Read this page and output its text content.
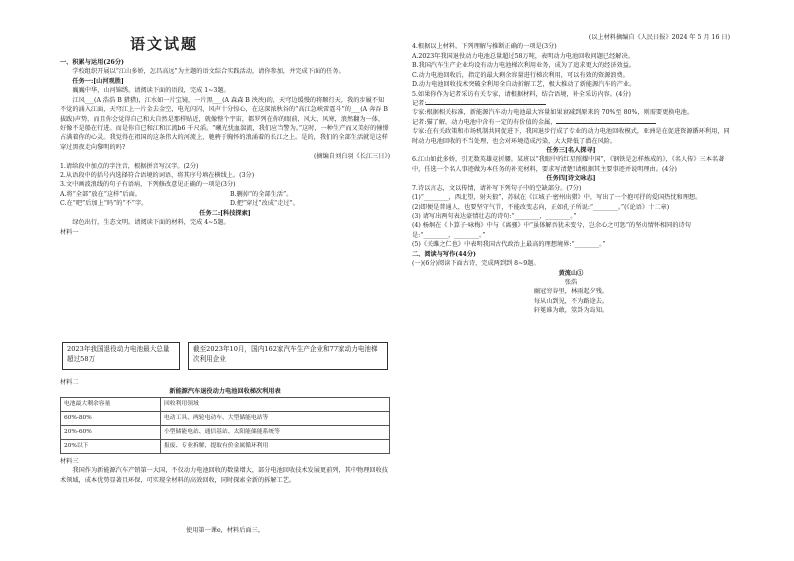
语文试题

一、积累与运用(26分)

学校组织开展以“江山多娇，怎昌高远”为主题的语文综合实践活动，请你参加，并完成下面的任务。

任务一:[山河观胜]

巍巍中华，山河锦绣。请阅读下面的语段，完成 1~3题。

江风___(A 浩浩 B 猎猎)，江水如一片宝镜，一片黑___(A 森森 B 泱泱)的，天穹边缓慢的将顺行天，我的步履不知不觉的涌入江面，天穹江上一片金去金空，电光闪闪，风声十分惊心，在这深浓秋谷的“高江急峡雷霆斗”的___(A 奔吞 B 拔跋)声势，而且你会觉得自己和大自然是那样贴近，就像整个宇宙，都罗列在你的眼前，风大、风寒，浪然翻为一体，好像不是船在行进。而是你自已和江和江流b6 千尺滔。“曦光忧血湍流，我们应当警为。”这时，一种生产而又美好的憧憬占满着你的心灵。我觉得在祖国的这条伟大的河流上，驰骋于胸怀的浪涌着的长江之上。是的，我们的全部生活就是这样穿过黑夜走向黎明的吗?

(摘编自刘白羽《长江三日》)

1.请给段中加点的字注音，根据拼音写汉字。(2分)

2.从语段中的括号内选择符合语境的词语，将其序号填在横线上。(3分)

3.文中画波浪线的句子有语病，下列修改意见正确的一项是(3分)

A.将“全部”放在“这样”后面。	B.删掉“的全部生活”。
C.在“吧”后加上“吗”的“不”字。	D.把“穿过”改成“走过”。

任务二:[科技探索]

绿色出行，生态文明。请阅读下面的材料，完成 4~5题。

材料一

2023年我国退役动力电池最大总量超过58万
截至2023年10月，国内162家汽车生产企业和77家动力电池梯次利用企业

材料二

新能源汽车退役动力电池回收梯次利用表

电池最大剩余容量	回收利用领域
60%-80%	电动工具、两轮电动车、大型储能电站等
20%-60%	小型储能电站、通信基站、太阳能储能系统等
20%以下	报废、专业拆解，提取有价金属循环利用

材料三

我国作为新能源汽车产销第一大国，不仅动力电池回收的数量增大，部分电池回收技术发展更前列，其中物理回收技术领域，成本优势显著且环保，可实现全材料的高效回收，同时探索全新的拆解工艺。

使用第一课e，材料后面三。

(以上材料摘编自《人民日报》2024 年 5 月 16 日)

4.根据以上材料，下列理解与推断正确的一项是(3分)

A.2023年我国退役动力电池总量超过58万吨，表明动力电池回收问题已经解决。

B.我国汽车生产企业均设有动力电池梯次利用业务，成为了追求更大的经济效益。

C.动力电池回收后，指定的最大剩余容量进行梯次利用，可以有效的资源浪费。

D.动力电池回收技术突破全利用全自动折解工艺，极大推动了新能源汽车的产业。

5.如果你作为记者采访有关专家，请根据材料，结合语境，补全采访内容。(4分)

记者:

专家:根据相关标准，新能源汽车动力电池最大容量如果衰减到原来的 70%至 80%，则需要更换电池。

记者:猫了解，动力电池中含有一定的有价值的金属，

专家:在有关政策和市场机制共同促进下，我国退步行成了专业的动力电池回收模式，亚洲是在促进资源循环利用，同时动力电池回收的不当处理，也会对环境造成污染，大大降低了潜在风险。

任务三[名人探寻]

6.江山如此多娇，引无数英雄竞折腰。某班以“我眼中的红星照耀中国”，《钢铁是怎样炼成的》，《名人传》三本名著中，任选一个名人事迹做为本任务的补充材料，要求写清楚!请根据其主要事迹并说明理由。(4分)

任务四[诗文咏志]

7.诗以言志，文以传情，请补写下列句子中的空缺部分。(7分)

(1)“________，西北望，射天狼”，苏轼在《江城子·密州出猎》中，写出了一个抱可抒的爱国热忱和理想。

(2)即便是普通人，也要坚守气节，不能改变志向，正如孔子所说:“________。”(《论语》十二章)

(3) 请写出两句表达豪情壮志的诗句:“________，________。”

(4) 杨炯在《卜算子·咏梅》中与《离骚》中“虽体解吾犹未变兮，岂余心之可惩”的坚贞情怀相同的诗句是:“________，________。”

(5)《关雎之仁也》中表明我国古代政治上最高的理想境界:“________。”

二、阅读与写作(44分)

(一)(6分)阅读下面古诗，完成两到到 8~9题。

黄流山①

张浩

幽冠穷谷里，林雨起夕残。

每从山到见，不为路途去。

轩冕谁为敢，筮卦为岛知。
